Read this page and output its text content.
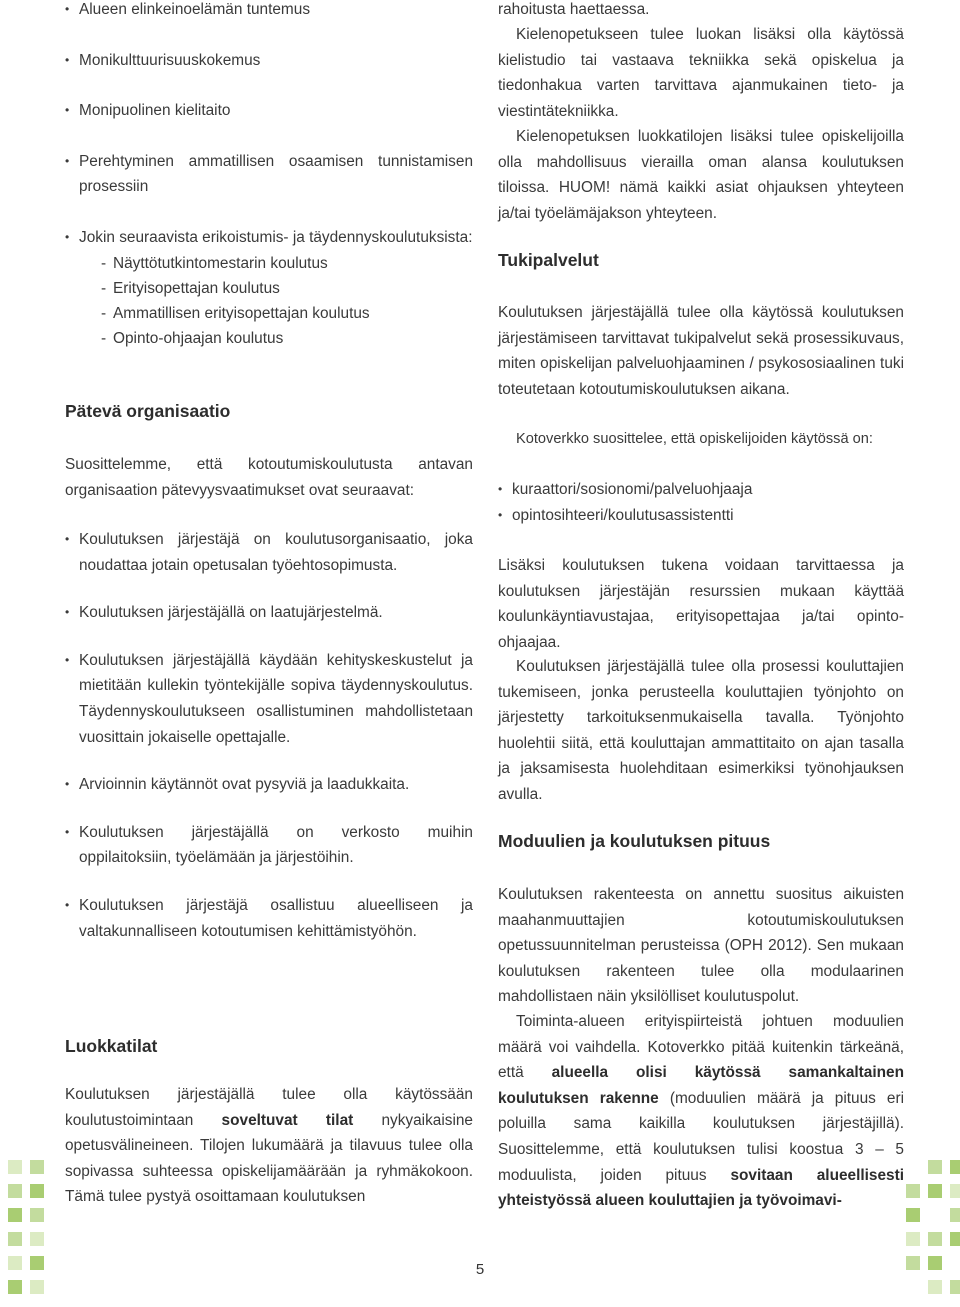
• Alueen elinkeinoelämän tuntemus
• Monikulttuurisuuskokemus
• Monipuolinen kielitaito
• Perehtyminen ammatillisen osaamisen tunnistamisen prosessiin
• Jokin seuraavista erikoistumis- ja täydennyskoulutuksista:
- Näyttötutkintomestarin koulutus
- Erityisopettajan koulutus
- Ammatillisen erityisopettajan koulutus
- Opinto-ohjaajan koulutus
Pätevä organisaatio

Suosittelemme, että kotoutumiskoulutusta antavan organisaation pätevyysvaatimukset ovat seuraavat:

• Koulutuksen järjestäjä on koulutusorganisaatio, joka noudattaa jotain opetusalan työehtosopimusta.
• Koulutuksen järjestäjällä on laatujärjestelmä.
• Koulutuksen järjestäjällä käydään kehityskeskustelut ja mietitään kullekin työntekijälle sopiva täydennyskoulutus. Täydennyskoulutukseen osallistuminen mahdollistetaan vuosittain jokaiselle opettajalle.
• Arvioinnin käytännöt ovat pysyviä ja laadukkaita.
• Koulutuksen järjestäjällä on verkosto muihin oppilaitoksiin, työelämään ja järjestöihin.
• Koulutuksen järjestäjä osallistuu alueelliseen ja valtakunnalliseen kotoutumisen kehittämistyöhön.
Luokkatilat

Koulutuksen järjestäjällä tulee olla käytössään koulutustoimintaan soveltuvat tilat nykyaikaisine opetusvälineineen. Tilojen lukumäärä ja tilavuus tulee olla sopivassa suhteessa opiskelijamäärään ja ryhmäkokoon. Tämä tulee pystyä osoittamaan koulutuksen

rahoitusta haettaessa.

Kielenopetukseen tulee luokan lisäksi olla käytössä kielistudio tai vastaava tekniikka sekä opiskelua ja tiedonhakua varten tarvittava ajanmukainen tieto- ja viestintätekniikka.

Kielenopetuksen luokkatilojen lisäksi tulee opiskelijoilla olla mahdollisuus vierailla oman alansa koulutuksen tiloissa. HUOM! nämä kaikki asiat ohjauksen yhteyteen ja/tai työelämäjakson yhteyteen.

Tukipalvelut

Koulutuksen järjestäjällä tulee olla käytössä koulutuksen järjestämiseen tarvittavat tukipalvelut sekä prosessikuvaus, miten opiskelijan palveluohjaaminen / psykososiaalinen tuki toteutetaan kotoutumiskoulutuksen aikana.

Kotoverkko suosittelee, että opiskelijoiden käytössä on:

• kuraattori/sosionomi/palveluohjaaja
• opintosihteeri/koulutusassistentti

Lisäksi koulutuksen tukena voidaan tarvittaessa ja koulutuksen järjestäjän resurssien mukaan käyttää koulunkäyntiavustajaa, erityisopettajaa ja/tai opinto-ohjaajaa.

Koulutuksen järjestäjällä tulee olla prosessi kouluttajien tukemiseen, jonka perusteella kouluttajien työnjohto on järjestetty tarkoituksenmukaisella tavalla. Työnjohto huolehtii siitä, että kouluttajan ammattitaito on ajan tasalla ja jaksamisesta huolehditaan esimerkiksi työnohjauksen avulla.

Moduulien ja koulutuksen pituus

Koulutuksen rakenteesta on annettu suositus aikuisten maahanmuuttajien kotoutumiskoulutuksen opetussuunnitelman perusteissa (OPH 2012). Sen mukaan koulutuksen rakenteen tulee olla modulaarinen mahdollistaen näin yksilölliset koulutuspolut.

Toiminta-alueen erityispiirteistä johtuen moduulien määrä voi vaihdella. Kotoverkko pitää kuitenkin tärkeänä, että alueella olisi käytössä samankaltainen koulutuksen rakenne (moduulien määrä ja pituus eri poluilla sama kaikilla koulutuksen järjestäjillä). Suosittelemme, että koulutuksen tulisi koostua 3 – 5 moduulista, joiden pituus sovitaan alueellisesti yhteistyössä alueen kouluttajien ja työvoimavi-

5
